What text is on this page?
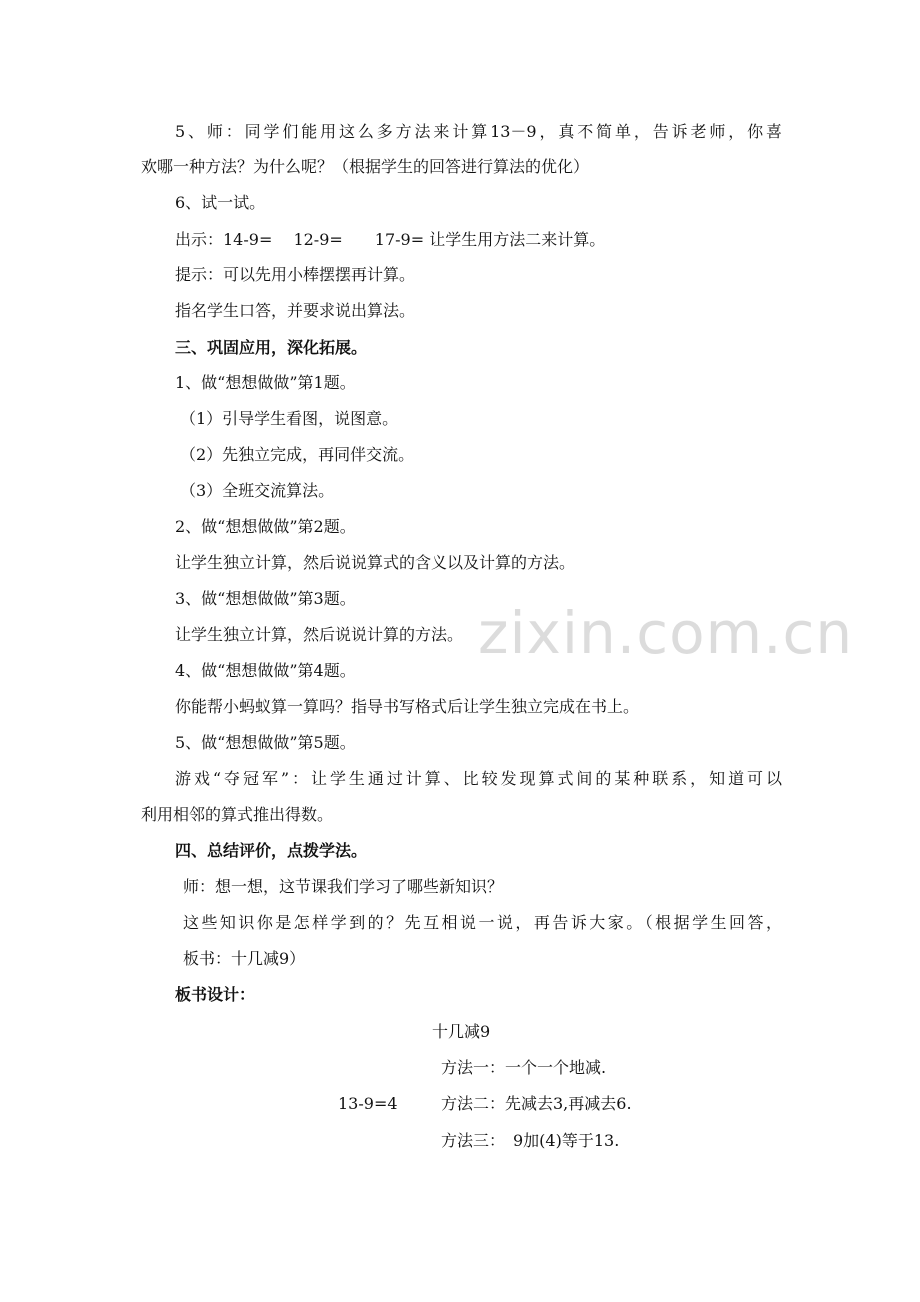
zixin.com.cn
5、师：同学们能用这么多方法来计算13－9，真不简单，告诉老师，你喜
欢哪一种方法？为什么呢？（根据学生的回答进行算法的优化）
6、试一试。
出示：14-9=　 12-9=　　17-9= 让学生用方法二来计算。
提示：可以先用小棒摆摆再计算。
指名学生口答，并要求说出算法。
三、巩固应用，深化拓展。
1、做“想想做做”第1题。
（1）引导学生看图，说图意。
（2）先独立完成，再同伴交流。
（3）全班交流算法。
2、做“想想做做”第2题。
让学生独立计算，然后说说算式的含义以及计算的方法。
3、做“想想做做”第3题。
让学生独立计算，然后说说计算的方法。
4、做“想想做做”第4题。
你能帮小蚂蚁算一算吗？指导书写格式后让学生独立完成在书上。
5、做“想想做做”第5题。
游戏“夺冠军”：让学生通过计算、比较发现算式间的某种联系，知道可以
利用相邻的算式推出得数。
四、总结评价，点拨学法。
师：想一想，这节课我们学习了哪些新知识？
这些知识你是怎样学到的？先互相说一说，再告诉大家。（根据学生回答，
板书：十几减9）
板书设计：
十几减9
方法一：一个一个地减.
13-9=4	方法二：先减去3,再减去6.
方法三：　9加(4)等于13.
